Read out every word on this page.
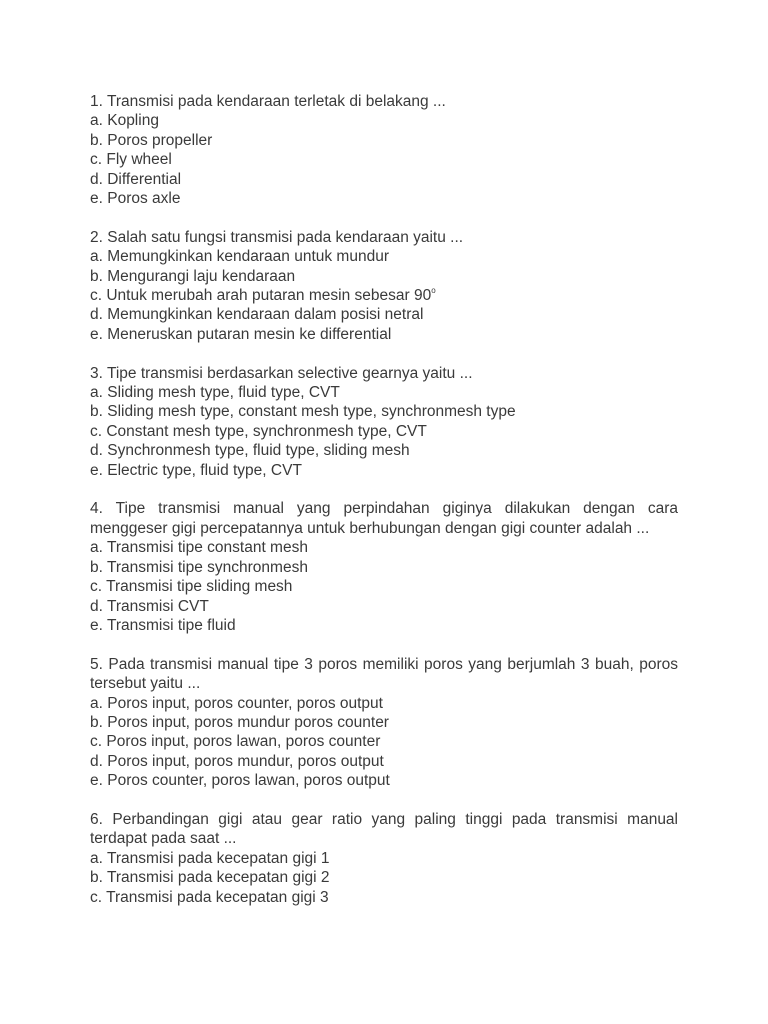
1. Transmisi pada kendaraan terletak di belakang ...
a. Kopling
b. Poros propeller
c. Fly wheel
d. Differential
e. Poros axle
2. Salah satu fungsi transmisi pada kendaraan yaitu ...
a. Memungkinkan kendaraan untuk mundur
b. Mengurangi laju kendaraan
c. Untuk merubah arah putaran mesin sebesar 90$^o$
d. Memungkinkan kendaraan dalam posisi netral
e. Meneruskan putaran mesin ke differential
3. Tipe transmisi berdasarkan selective gearnya yaitu ...
a. Sliding mesh type, fluid type, CVT
b. Sliding mesh type, constant mesh type, synchronmesh type
c. Constant mesh type, synchronmesh type, CVT
d. Synchronmesh type, fluid type, sliding mesh
e. Electric type, fluid type, CVT
4. Tipe transmisi manual yang perpindahan giginya dilakukan dengan cara menggeser gigi percepatannya untuk berhubungan dengan gigi counter adalah ...
a. Transmisi tipe constant mesh
b. Transmisi tipe synchronmesh
c. Transmisi tipe sliding mesh
d. Transmisi CVT
e. Transmisi tipe fluid
5. Pada transmisi manual tipe 3 poros memiliki poros yang berjumlah 3 buah, poros tersebut yaitu ...
a. Poros input, poros counter, poros output
b. Poros input, poros mundur poros counter
c. Poros input, poros lawan, poros counter
d. Poros input, poros mundur, poros output
e. Poros counter, poros lawan, poros output
6. Perbandingan gigi atau gear ratio yang paling tinggi pada transmisi manual terdapat pada saat ...
a. Transmisi pada kecepatan gigi 1
b. Transmisi pada kecepatan gigi 2
c. Transmisi pada kecepatan gigi 3
